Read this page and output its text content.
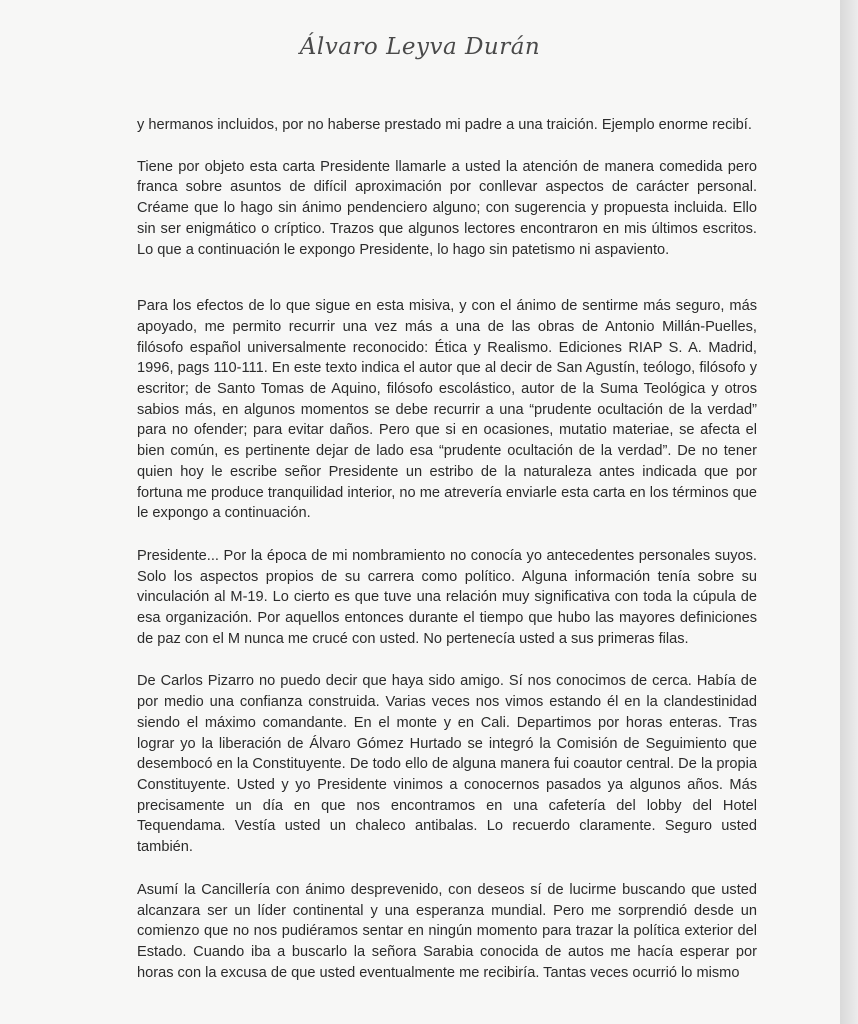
Álvaro Leyva Durán

y hermanos incluidos, por no haberse prestado mi padre a una traición. Ejemplo enorme recibí.

Tiene por objeto esta carta Presidente llamarle a usted la atención de manera comedida pero franca sobre asuntos de difícil aproximación por conllevar aspectos de carácter personal. Créame que lo hago sin ánimo pendenciero alguno; con sugerencia y propuesta incluida. Ello sin ser enigmático o críptico. Trazos que algunos lectores encontraron en mis últimos escritos. Lo que a continuación le expongo Presidente, lo hago sin patetismo ni aspaviento.

Para los efectos de lo que sigue en esta misiva, y con el ánimo de sentirme más seguro, más apoyado, me permito recurrir una vez más a una de las obras de Antonio Millán-Puelles, filósofo español universalmente reconocido: Ética y Realismo. Ediciones RIAP S. A. Madrid, 1996, pags 110-111. En este texto indica el autor que al decir de San Agustín, teólogo, filósofo y escritor; de Santo Tomas de Aquino, filósofo escolástico, autor de la Suma Teológica y otros sabios más, en algunos momentos se debe recurrir a una “prudente ocultación de la verdad” para no ofender; para evitar daños. Pero que si en ocasiones, mutatio materiae, se afecta el bien común, es pertinente dejar de lado esa “prudente ocultación de la verdad”. De no tener quien hoy le escribe señor Presidente un estribo de la naturaleza antes indicada que por fortuna me produce tranquilidad interior, no me atrevería enviarle esta carta en los términos que le expongo a continuación.

Presidente... Por la época de mi nombramiento no conocía yo antecedentes personales suyos. Solo los aspectos propios de su carrera como político. Alguna información tenía sobre su vinculación al M-19. Lo cierto es que tuve una relación muy significativa con toda la cúpula de esa organización. Por aquellos entonces durante el tiempo que hubo las mayores definiciones de paz con el M nunca me crucé con usted. No pertenecía usted a sus primeras filas.

De Carlos Pizarro no puedo decir que haya sido amigo. Sí nos conocimos de cerca. Había de por medio una confianza construida. Varias veces nos vimos estando él en la clandestinidad siendo el máximo comandante. En el monte y en Cali. Departimos por horas enteras. Tras lograr yo la liberación de Álvaro Gómez Hurtado se integró la Comisión de Seguimiento que desembocó en la Constituyente. De todo ello de alguna manera fui coautor central. De la propia Constituyente. Usted y yo Presidente vinimos a conocernos pasados ya algunos años. Más precisamente un día en que nos encontramos en una cafetería del lobby del Hotel Tequendama. Vestía usted un chaleco antibalas. Lo recuerdo claramente. Seguro usted también.

Asumí la Cancillería con ánimo desprevenido, con deseos sí de lucirme buscando que usted alcanzara ser un líder continental y una esperanza mundial. Pero me sorprendió desde un comienzo que no nos pudiéramos sentar en ningún momento para trazar la política exterior del Estado. Cuando iba a buscarlo la señora Sarabia conocida de autos me hacía esperar por horas con la excusa de que usted eventualmente me recibiría. Tantas veces ocurrió lo mismo
